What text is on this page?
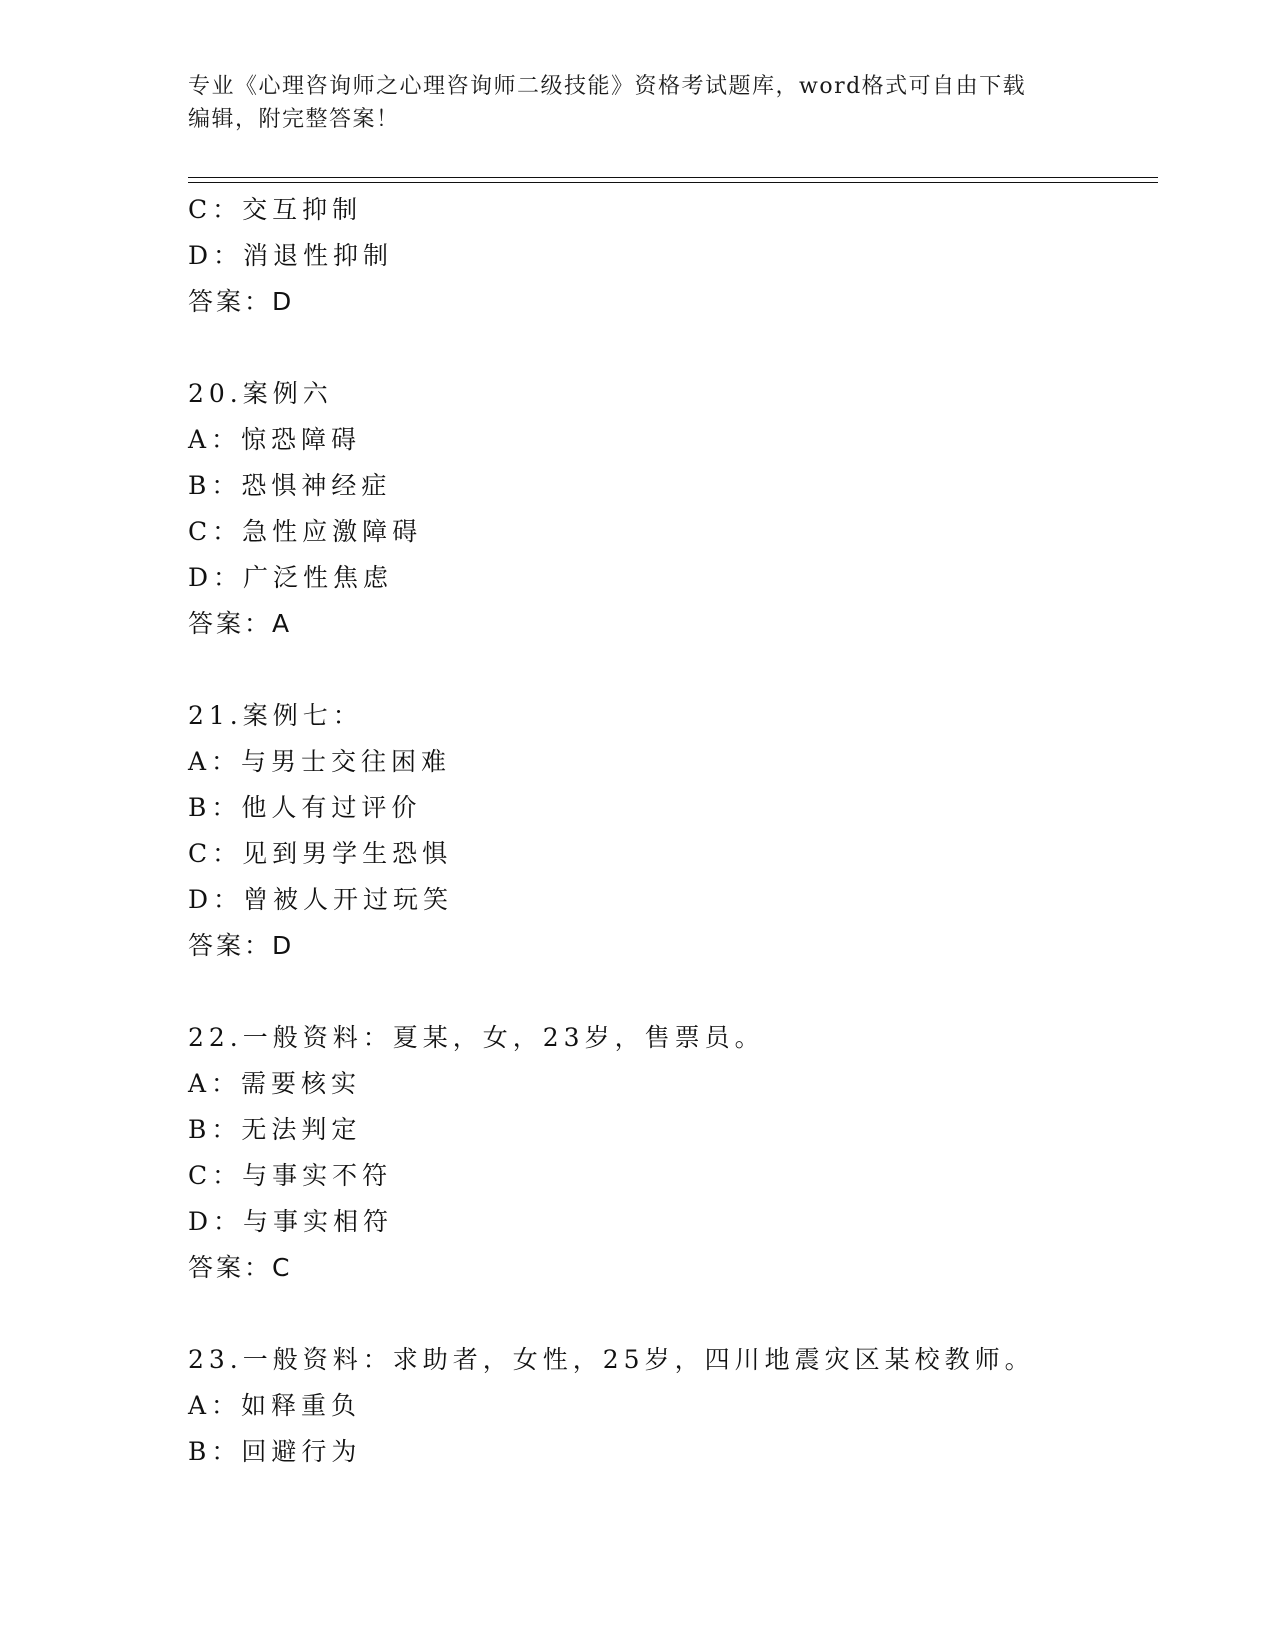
专业《心理咨询师之心理咨询师二级技能》资格考试题库，word格式可自由下载
编辑，附完整答案！
C：交互抑制
D：消退性抑制
答案：D
20.案例六
A：惊恐障碍
B：恐惧神经症
C：急性应激障碍
D：广泛性焦虑
答案：A
21.案例七：
A：与男士交往困难
B：他人有过评价
C：见到男学生恐惧
D：曾被人开过玩笑
答案：D
22.一般资料：夏某，女，23岁，售票员。
A：需要核实
B：无法判定
C：与事实不符
D：与事实相符
答案：C
23.一般资料：求助者，女性，25岁，四川地震灾区某校教师。
A：如释重负
B：回避行为
